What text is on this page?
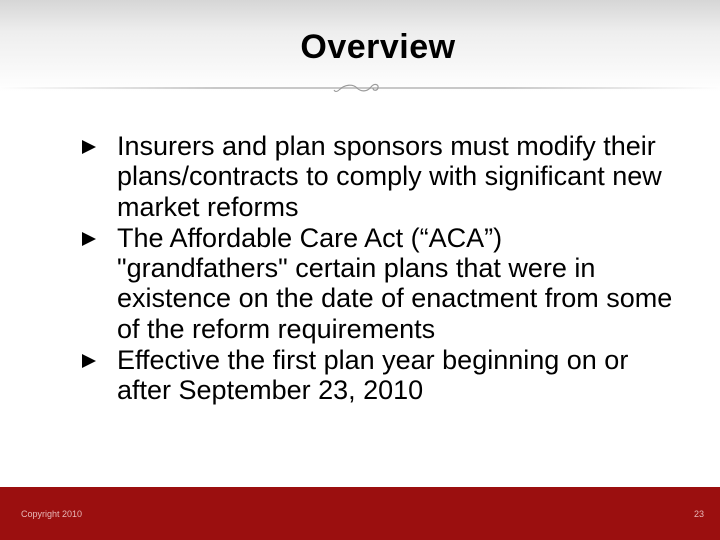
Overview
Insurers and plan sponsors must modify their plans/contracts to comply with significant new market reforms
The Affordable Care Act (“ACA”) "grandfathers" certain plans that were in existence on the date of enactment from some of the reform requirements
Effective the first plan year beginning on or after September 23, 2010
Copyright 2010	23
